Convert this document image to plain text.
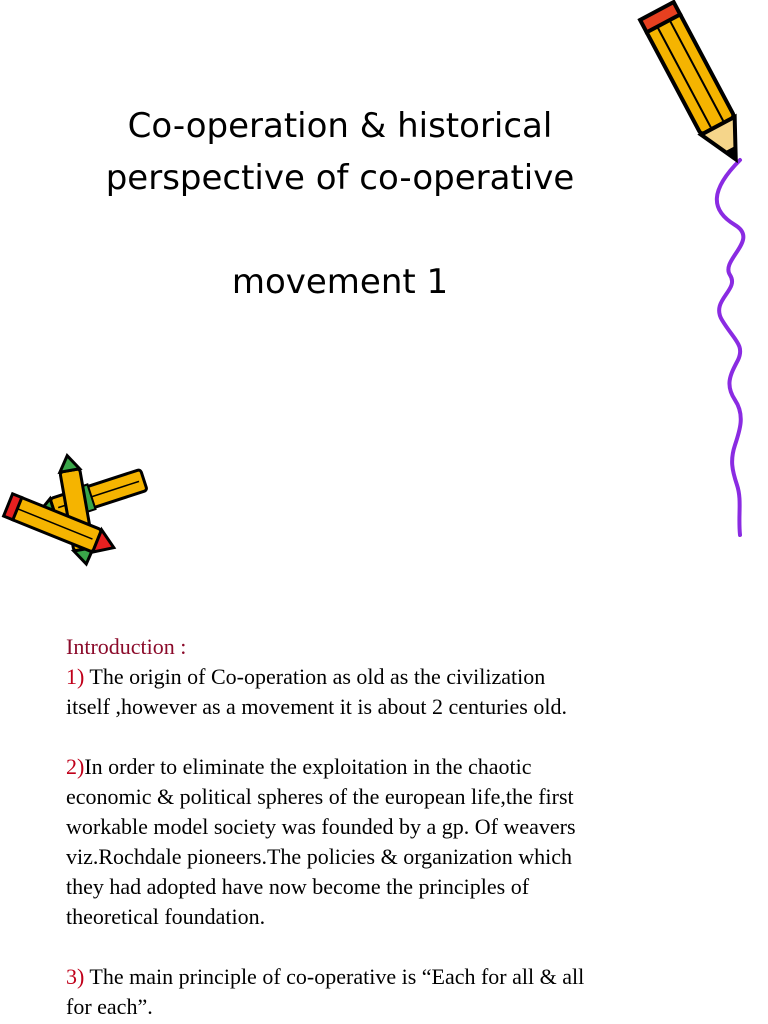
Co-operation & historical
perspective of co-operative
movement 1

Introduction :

1) The origin of Co-operation as old as the civilization

itself ,however as a movement it is about 2 centuries old.

2)In order to eliminate the exploitation in the chaotic

economic & political spheres of the european life,the first

workable model society was founded by a gp. Of weavers

viz.Rochdale pioneers.The policies & organization which

they had adopted have now become the principles of

theoretical foundation.

3) The main principle of co-operative is “Each for all & all

for each”.
